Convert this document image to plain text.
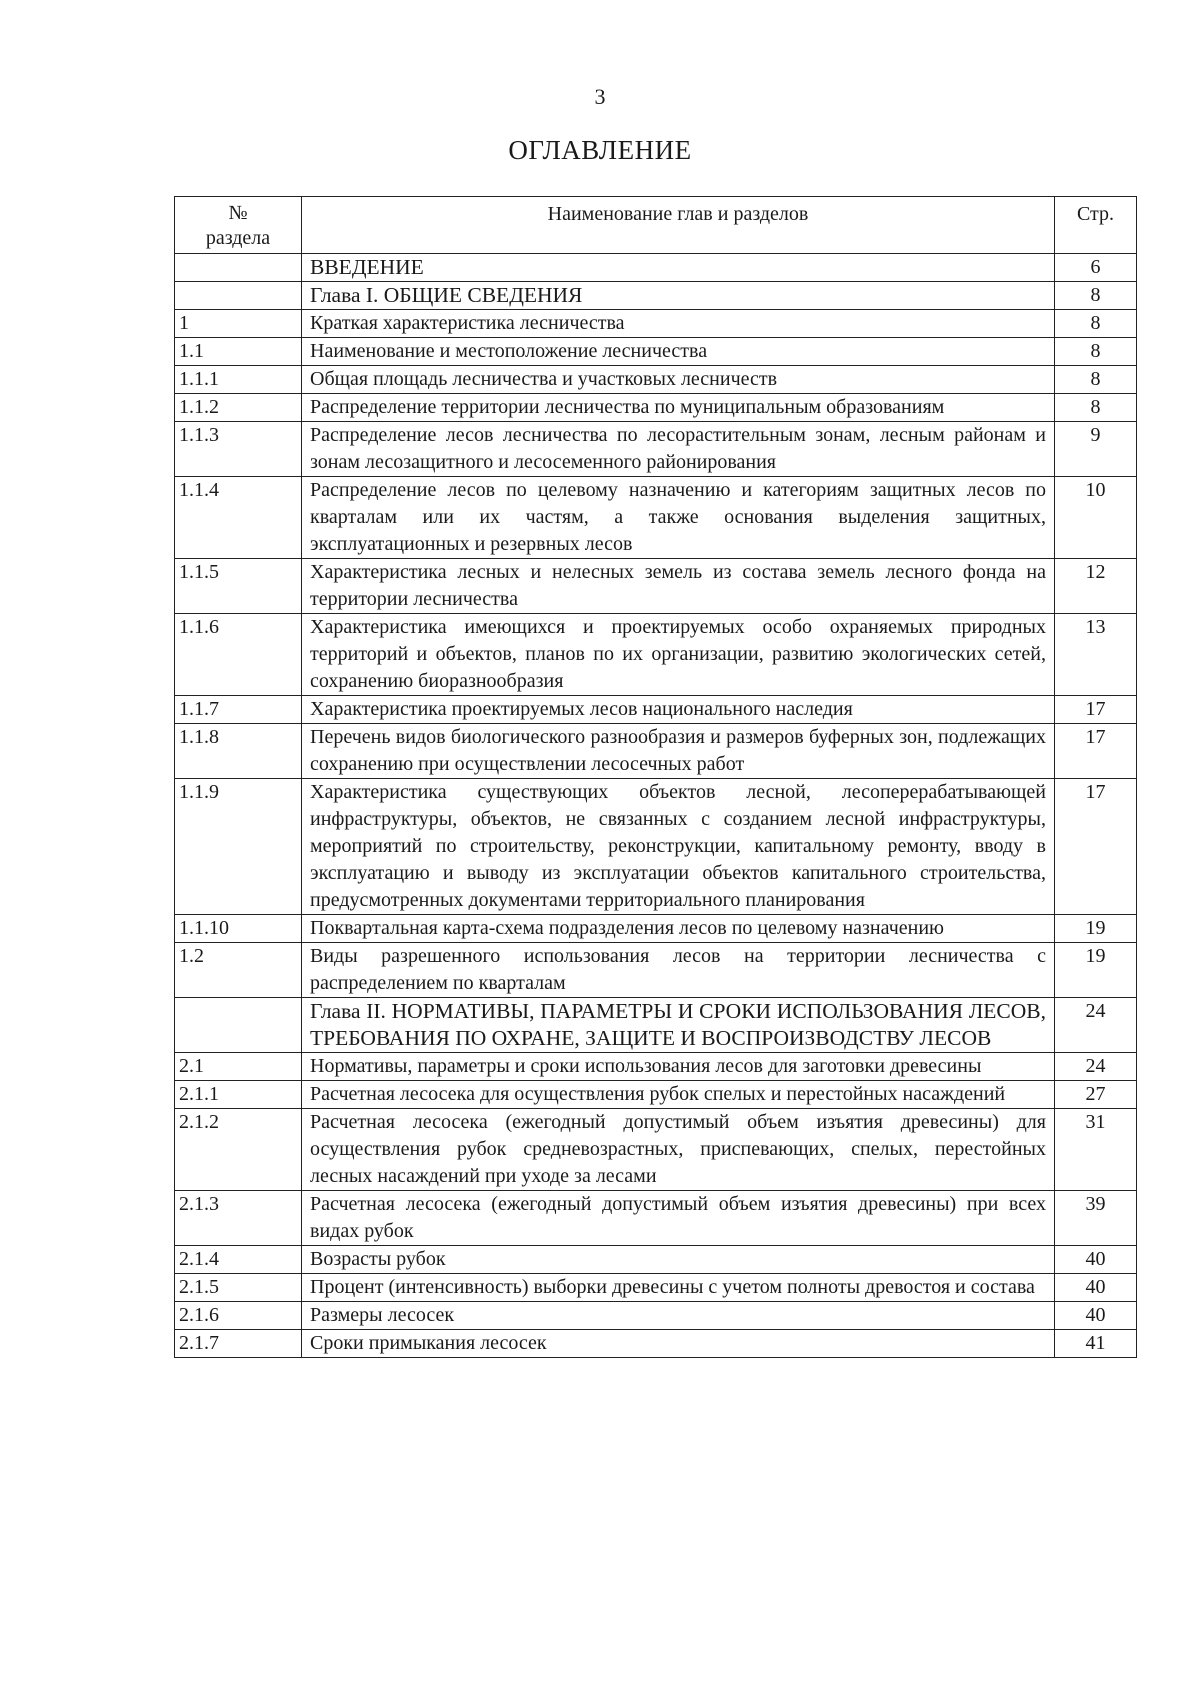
3
ОГЛАВЛЕНИЕ
№
раздела	Наименование глав и разделов	Стр.
	ВВЕДЕНИЕ	6
	Глава I. ОБЩИЕ СВЕДЕНИЯ	8
1	Краткая характеристика лесничества	8
1.1	Наименование и местоположение лесничества	8
1.1.1	Общая площадь лесничества и участковых лесничеств	8
1.1.2	Распределение территории лесничества по муниципальным образованиям	8
1.1.3	Распределение лесов лесничества по лесорастительным зонам, лесным районам и зонам лесозащитного и лесосеменного районирования	9
1.1.4	Распределение лесов по целевому назначению и категориям защитных лесов по кварталам или их частям, а также основания выделения защитных, эксплуатационных и резервных лесов	10
1.1.5	Характеристика лесных и нелесных земель из состава земель лесного фонда на территории лесничества	12
1.1.6	Характеристика имеющихся и проектируемых особо охраняемых природных территорий и объектов, планов по их организации, развитию экологических сетей, сохранению биоразнообразия	13
1.1.7	Характеристика проектируемых лесов национального наследия	17
1.1.8	Перечень видов биологического разнообразия и размеров буферных зон, подлежащих сохранению при осуществлении лесосечных работ	17
1.1.9	Характеристика существующих объектов лесной, лесоперерабатывающей инфраструктуры, объектов, не связанных с созданием лесной инфраструктуры, мероприятий по строительству, реконструкции, капитальному ремонту, вводу в эксплуатацию и выводу из эксплуатации объектов капитального строительства, предусмотренных документами территориального планирования	17
1.1.10	Поквартальная карта-схема подразделения лесов по целевому назначению	19
1.2	Виды разрешенного использования лесов на территории лесничества с распределением по кварталам	19
	Глава II. НОРМАТИВЫ, ПАРАМЕТРЫ И СРОКИ ИСПОЛЬЗОВАНИЯ ЛЕСОВ, ТРЕБОВАНИЯ ПО ОХРАНЕ, ЗАЩИТЕ И ВОСПРОИЗВОДСТВУ ЛЕСОВ	24
2.1	Нормативы, параметры и сроки использования лесов для заготовки древесины	24
2.1.1	Расчетная лесосека для осуществления рубок спелых и перестойных насаждений	27
2.1.2	Расчетная лесосека (ежегодный допустимый объем изъятия древесины) для осуществления рубок средневозрастных, приспевающих, спелых, перестойных лесных насаждений при уходе за лесами	31
2.1.3	Расчетная лесосека (ежегодный допустимый объем изъятия древесины) при всех видах рубок	39
2.1.4	Возрасты рубок	40
2.1.5	Процент (интенсивность) выборки древесины с учетом полноты древостоя и состава	40
2.1.6	Размеры лесосек	40
2.1.7	Сроки примыкания лесосек	41
